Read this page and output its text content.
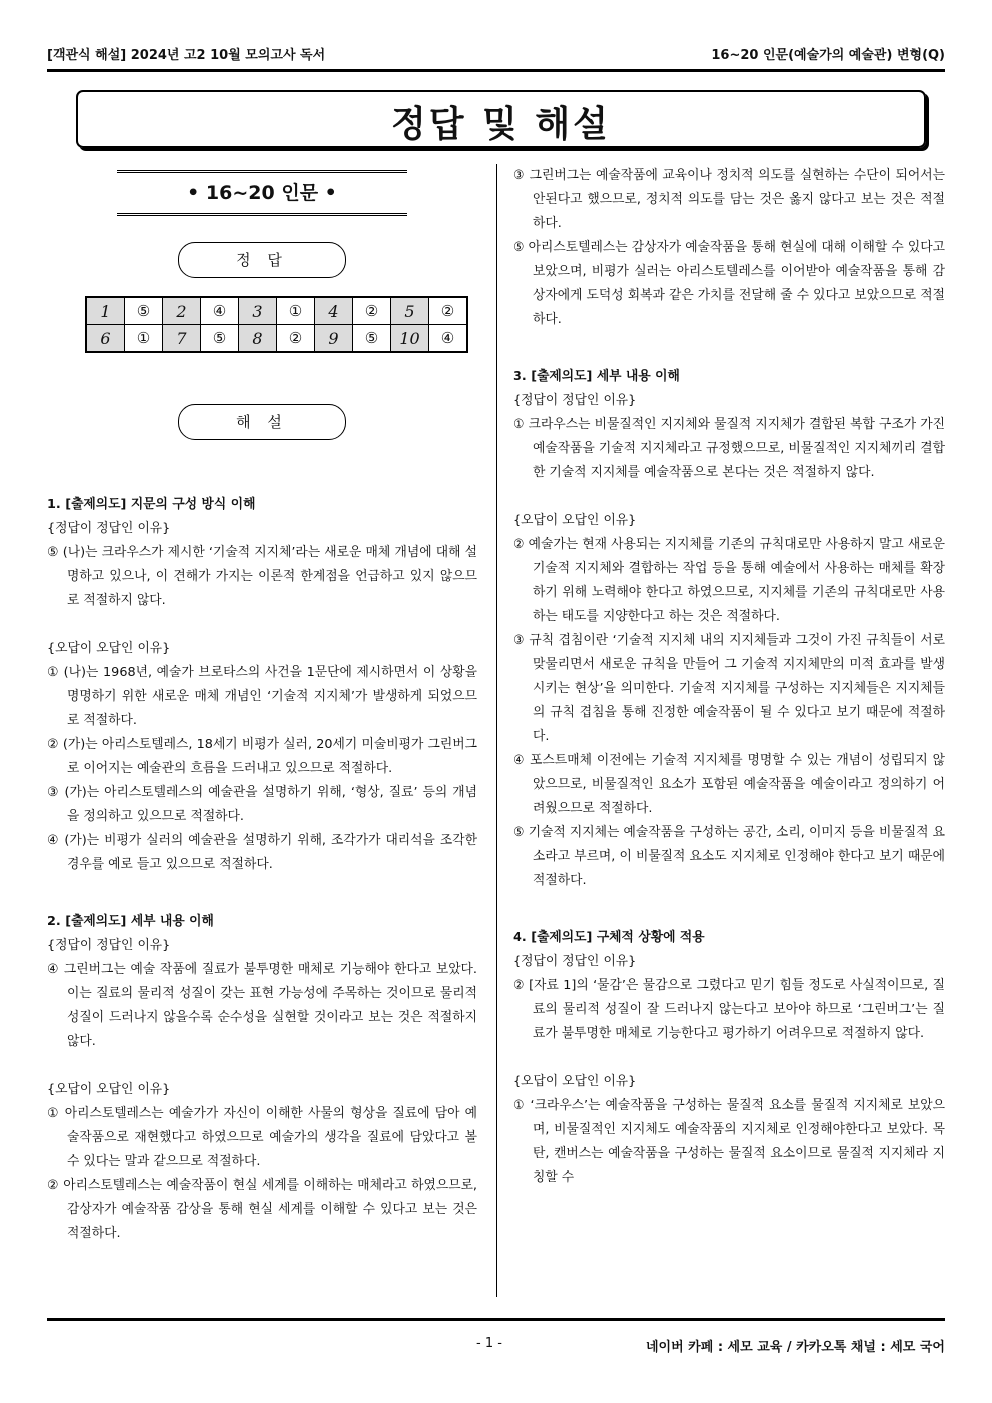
[객관식 해설] 2024년 고2 10월 모의고사 독서	16~20 인문(예술가의 예술관) 변형(Q)
정답 및 해설
• 16~20 인문 •
정 답
1	⑤	2	④	3	①	4	②	5	②
6	①	7	⑤	8	②	9	⑤	10	④
해 설

1. [출제의도] 지문의 구성 방식 이해

{정답이 정답인 이유}

⑤ (나)는 크라우스가 제시한 ‘기술적 지지체’라는 새로운 매체 개념에 대해 설명하고 있으나, 이 견해가 가지는 이론적 한계점을 언급하고 있지 않으므로 적절하지 않다.

{오답이 오답인 이유}

① (나)는 1968년, 예술가 브로타스의 사건을 1문단에 제시하면서 이 상황을 명명하기 위한 새로운 매체 개념인 ‘기술적 지지체’가 발생하게 되었으므로 적절하다.

② (가)는 아리스토텔레스, 18세기 비평가 실러, 20세기 미술비평가 그린버그로 이어지는 예술관의 흐름을 드러내고 있으므로 적절하다.

③ (가)는 아리스토텔레스의 예술관을 설명하기 위해, ‘형상, 질료’ 등의 개념을 정의하고 있으므로 적절하다.

④ (가)는 비평가 실러의 예술관을 설명하기 위해, 조각가가 대리석을 조각한 경우를 예로 들고 있으므로 적절하다.

2. [출제의도] 세부 내용 이해

{정답이 정답인 이유}

④ 그린버그는 예술 작품에 질료가 불투명한 매체로 기능해야 한다고 보았다. 이는 질료의 물리적 성질이 갖는 표현 가능성에 주목하는 것이므로 물리적 성질이 드러나지 않을수록 순수성을 실현할 것이라고 보는 것은 적절하지 않다.

{오답이 오답인 이유}

① 아리스토텔레스는 예술가가 자신이 이해한 사물의 형상을 질료에 담아 예술작품으로 재현했다고 하였으므로 예술가의 생각을 질료에 담았다고 볼 수 있다는 말과 같으므로 적절하다.

② 아리스토텔레스는 예술작품이 현실 세계를 이해하는 매체라고 하였으므로, 감상자가 예술작품 감상을 통해 현실 세계를 이해할 수 있다고 보는 것은 적절하다.

③ 그린버그는 예술작품에 교육이나 정치적 의도를 실현하는 수단이 되어서는 안된다고 했으므로, 정치적 의도를 담는 것은 옳지 않다고 보는 것은 적절하다.

⑤ 아리스토텔레스는 감상자가 예술작품을 통해 현실에 대해 이해할 수 있다고 보았으며, 비평가 실러는 아리스토텔레스를 이어받아 예술작품을 통해 감상자에게 도덕성 회복과 같은 가치를 전달해 줄 수 있다고 보았으므로 적절하다.

3. [출제의도] 세부 내용 이해

{정답이 정답인 이유}

① 크라우스는 비물질적인 지지체와 물질적 지지체가 결합된 복합 구조가 가진 예술작품을 기술적 지지체라고 규정했으므로, 비물질적인 지지체끼리 결합한 기술적 지지체를 예술작품으로 본다는 것은 적절하지 않다.

{오답이 오답인 이유}

② 예술가는 현재 사용되는 지지체를 기존의 규칙대로만 사용하지 말고 새로운 기술적 지지체와 결합하는 작업 등을 통해 예술에서 사용하는 매체를 확장하기 위해 노력해야 한다고 하였으므로, 지지체를 기존의 규칙대로만 사용하는 태도를 지양한다고 하는 것은 적절하다.

③ 규칙 겹침이란 ‘기술적 지지체 내의 지지체들과 그것이 가진 규칙들이 서로 맞물리면서 새로운 규칙을 만들어 그 기술적 지지체만의 미적 효과를 발생시키는 현상’을 의미한다. 기술적 지지체를 구성하는 지지체들은 지지체들의 규칙 겹침을 통해 진정한 예술작품이 될 수 있다고 보기 때문에 적절하다.

④ 포스트매체 이전에는 기술적 지지체를 명명할 수 있는 개념이 성립되지 않았으므로, 비물질적인 요소가 포함된 예술작품을 예술이라고 정의하기 어려웠으므로 적절하다.

⑤ 기술적 지지체는 예술작품을 구성하는 공간, 소리, 이미지 등을 비물질적 요소라고 부르며, 이 비물질적 요소도 지지체로 인정해야 한다고 보기 때문에 적절하다.

4. [출제의도] 구체적 상황에 적용

{정답이 정답인 이유}

② [자료 1]의 ‘물감’은 물감으로 그렸다고 믿기 힘들 정도로 사실적이므로, 질료의 물리적 성질이 잘 드러나지 않는다고 보아야 하므로 ‘그린버그’는 질료가 불투명한 매체로 기능한다고 평가하기 어려우므로 적절하지 않다.

{오답이 오답인 이유}

① ‘크라우스’는 예술작품을 구성하는 물질적 요소를 물질적 지지체로 보았으며, 비물질적인 지지체도 예술작품의 지지체로 인정해야한다고 보았다. 목탄, 캔버스는 예술작품을 구성하는 물질적 요소이므로 물질적 지지체라 지칭할 수

- 1 -	네이버 카페 : 세모 교육 / 카카오톡 채널 : 세모 국어
